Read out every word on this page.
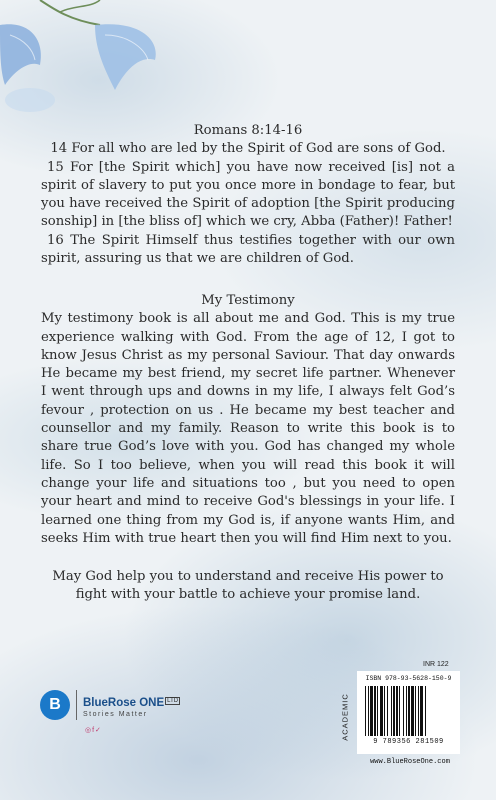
Romans 8:14-16

14 For all who are led by the Spirit of God are sons of God.

15 For [the Spirit which] you have now received [is] not a spirit of slavery to put you once more in bondage to fear, but you have received the Spirit of adoption [the Spirit producing sonship] in [the bliss of] which we cry, Abba (Father)! Father!

16 The Spirit Himself thus testifies together with our own spirit, assuring us that we are children of God.

My Testimony

My testimony book is all about me and God. This is my true experience walking with God. From the age of 12, I got to know Jesus Christ as my personal Saviour. That day onwards He became my best friend, my secret life partner. Whenever I went through ups and downs in my life, I always felt God’s fevour , protection on us . He became my best teacher and counsellor and my family. Reason to write this book is to share true God’s love with you. God has changed my whole life. So I too believe, when you will read this book it will change your life and situations too , but you need to open your heart and mind to receive God's blessings in your life. I learned one thing from my God is, if anyone wants Him, and seeks Him with true heart then you will find Him next to you.

May God help you to understand and receive His power to fight with your battle to achieve your promise land.

B	BlueRose ONE LTD
Stories Matter
◎f✓
INR 122
ACADEMIC
ISBN 978-93-5628-150-9
9 789356 281509
www.BlueRoseOne.com
